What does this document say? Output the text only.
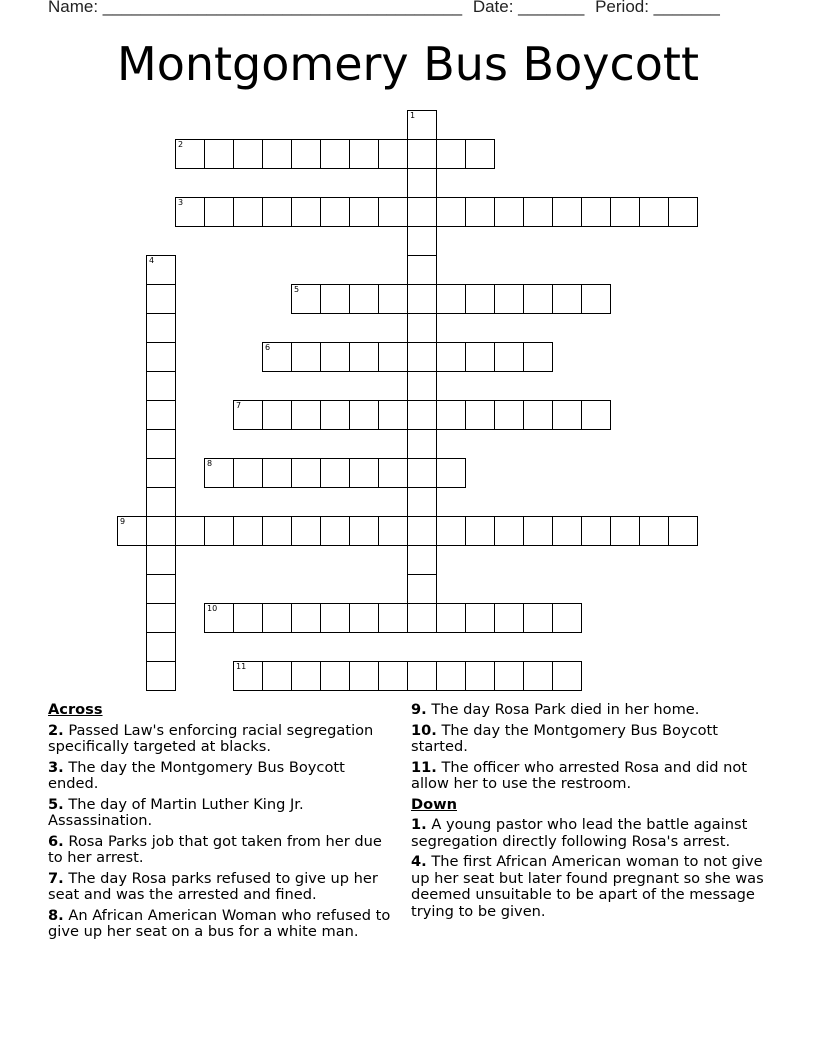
Name: ______________________________________ Date: _______ Period: _______
Montgomery Bus Boycott
1
2
3
4
5
6
7
8
9
10
11
Across
2. Passed Law's enforcing racial segregation specifically targeted at blacks.
3. The day the Montgomery Bus Boycott ended.
5. The day of Martin Luther King Jr. Assassination.
6. Rosa Parks job that got taken from her due to her arrest.
7. The day Rosa parks refused to give up her seat and was the arrested and fined.
8. An African American Woman who refused to give up her seat on a bus for a white man.
9. The day Rosa Park died in her home.
10. The day the Montgomery Bus Boycott started.
11. The officer who arrested Rosa and did not allow her to use the restroom.
Down
1. A young pastor who lead the battle against segregation directly following Rosa's arrest.
4. The first African American woman to not give up her seat but later found pregnant so she was deemed unsuitable to be apart of the message trying to be given.
